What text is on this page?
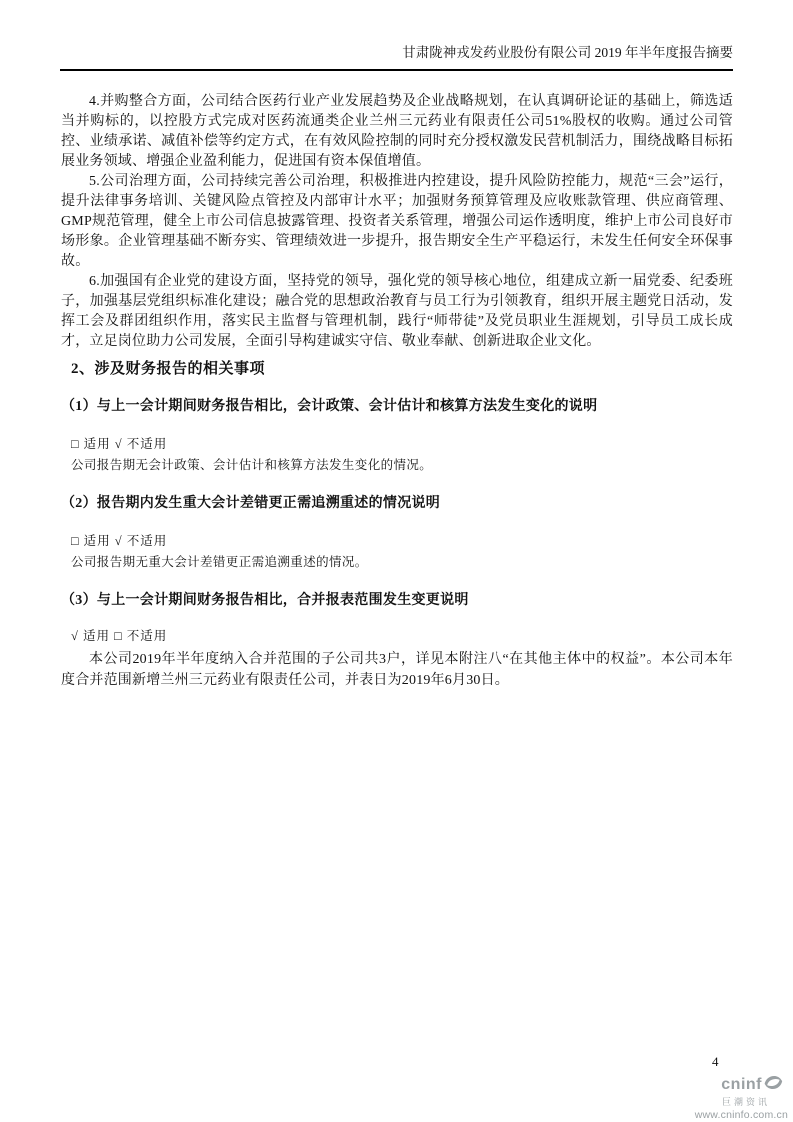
甘肃陇神戎发药业股份有限公司 2019 年半年度报告摘要

4.并购整合方面，公司结合医药行业产业发展趋势及企业战略规划，在认真调研论证的基础上，筛选适当并购标的，以控股方式完成对医药流通类企业兰州三元药业有限责任公司51%股权的收购。通过公司管控、业绩承诺、减值补偿等约定方式，在有效风险控制的同时充分授权激发民营机制活力，围绕战略目标拓展业务领域、增强企业盈利能力，促进国有资本保值增值。

5.公司治理方面，公司持续完善公司治理，积极推进内控建设，提升风险防控能力，规范“三会”运行，提升法律事务培训、关键风险点管控及内部审计水平；加强财务预算管理及应收账款管理、供应商管理、GMP规范管理，健全上市公司信息披露管理、投资者关系管理，增强公司运作透明度，维护上市公司良好市场形象。企业管理基础不断夯实、管理绩效进一步提升，报告期安全生产平稳运行，未发生任何安全环保事故。

6.加强国有企业党的建设方面，坚持党的领导，强化党的领导核心地位，组建成立新一届党委、纪委班子，加强基层党组织标准化建设；融合党的思想政治教育与员工行为引领教育，组织开展主题党日活动，发挥工会及群团组织作用，落实民主监督与管理机制，践行“师带徒”及党员职业生涯规划，引导员工成长成才，立足岗位助力公司发展，全面引导构建诚实守信、敬业奉献、创新进取企业文化。

2、涉及财务报告的相关事项
（1）与上一会计期间财务报告相比，会计政策、会计估计和核算方法发生变化的说明
□ 适用 √ 不适用
公司报告期无会计政策、会计估计和核算方法发生变化的情况。
（2）报告期内发生重大会计差错更正需追溯重述的情况说明
□ 适用 √ 不适用
公司报告期无重大会计差错更正需追溯重述的情况。
（3）与上一会计期间财务报告相比，合并报表范围发生变更说明
√ 适用 □ 不适用

本公司2019年半年度纳入合并范围的子公司共3户，详见本附注八“在其他主体中的权益”。本公司本年度合并范围新增兰州三元药业有限责任公司，并表日为2019年6月30日。

4
cninf
巨潮资讯
www.cninfo.com.cn
